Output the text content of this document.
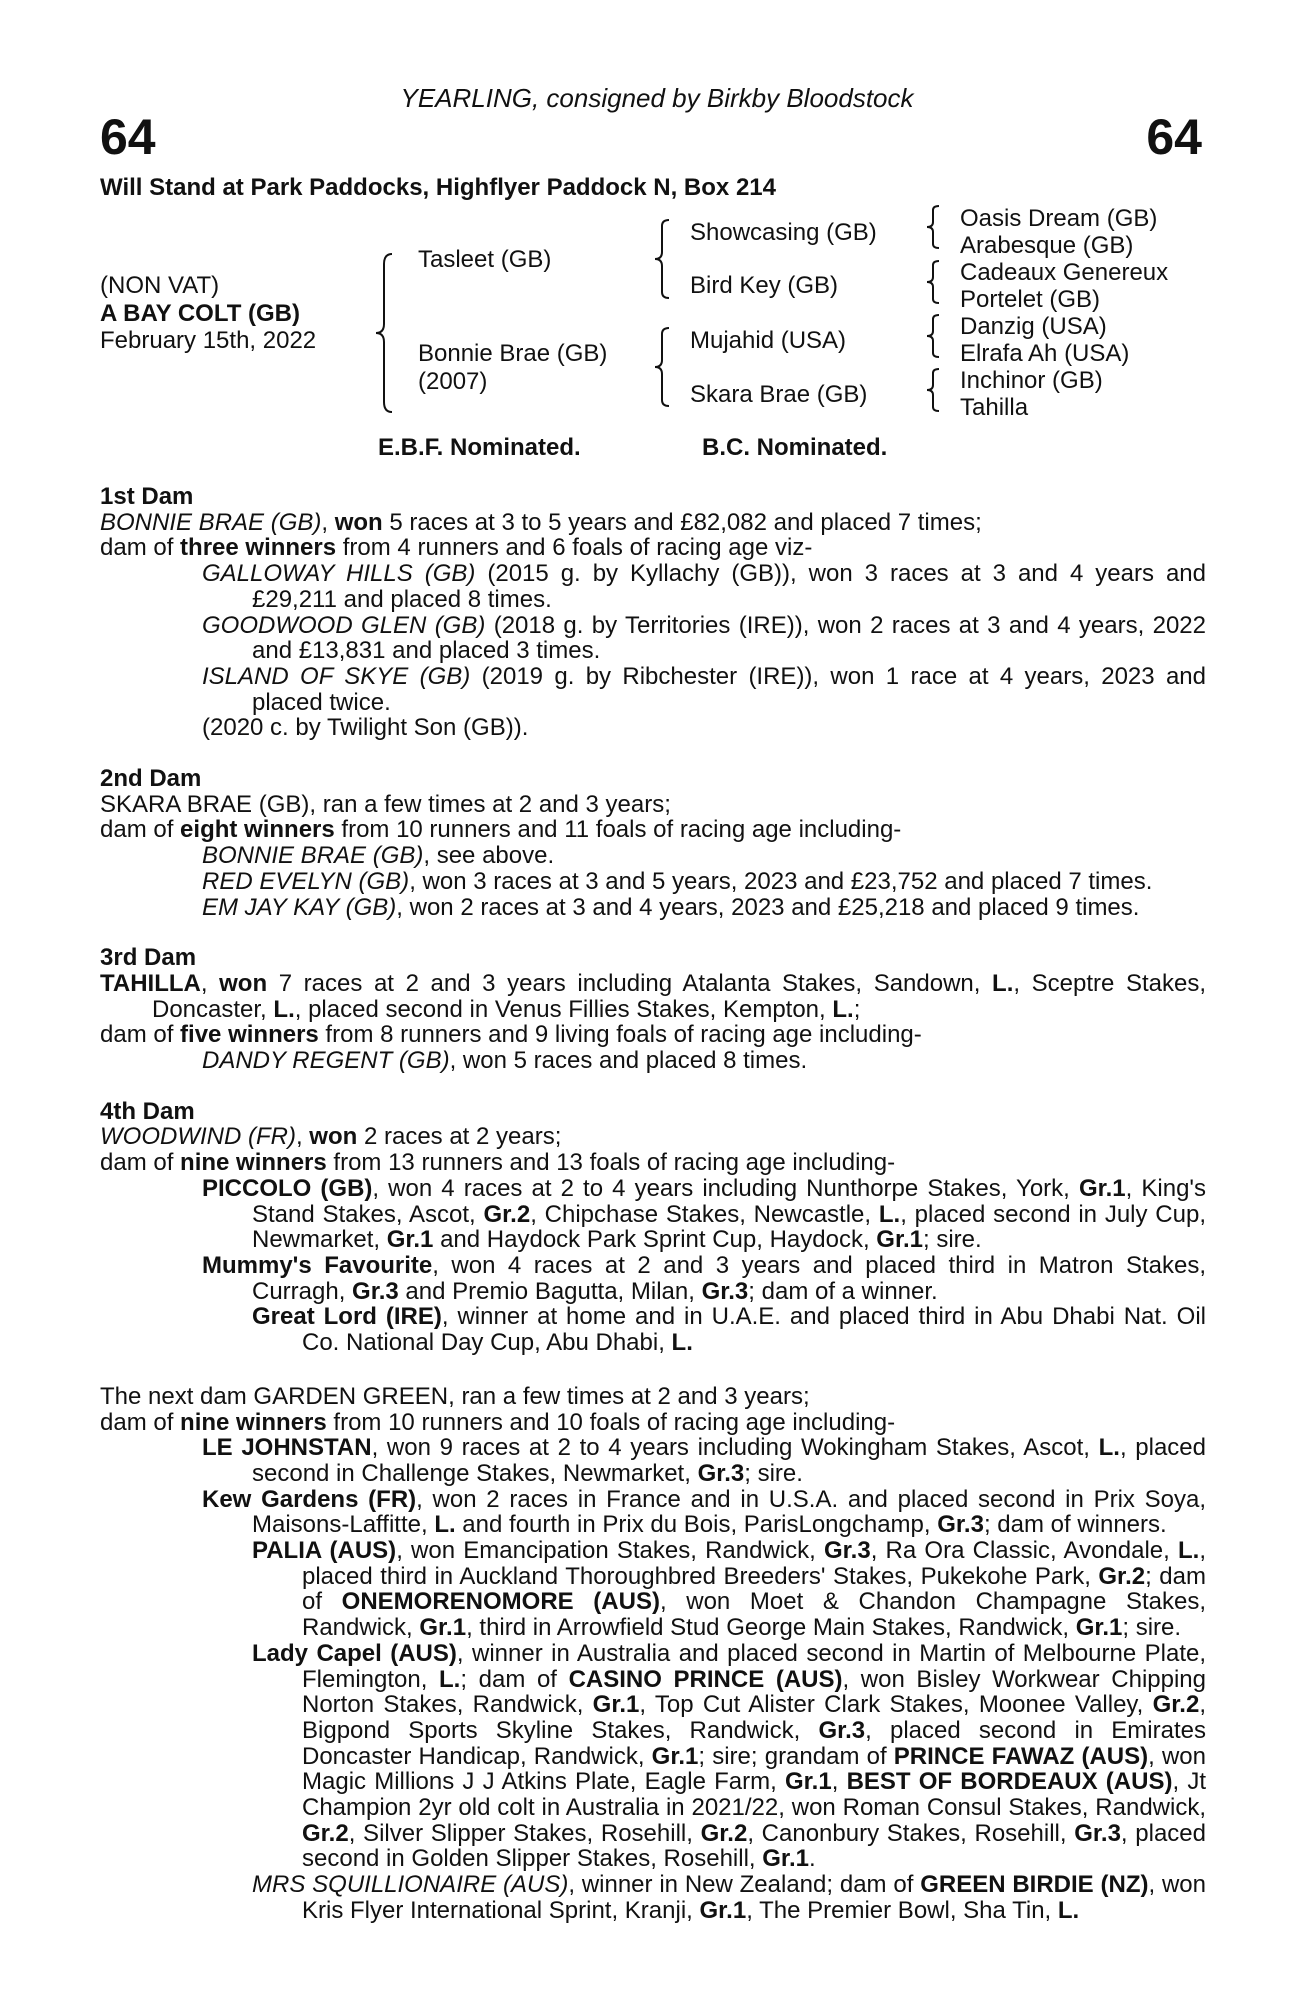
YEARLING, consigned by Birkby Bloodstock
64	64
Will Stand at Park Paddocks, Highflyer Paddock N, Box 214
(NON VAT)
A BAY COLT (GB)
February 15th, 2022
Tasleet (GB)
Bonnie Brae (GB)
(2007)
Showcasing (GB)
Bird Key (GB)
Mujahid (USA)
Skara Brae (GB)
Oasis Dream (GB)
Arabesque (GB)
Cadeaux Genereux
Portelet (GB)
Danzig (USA)
Elrafa Ah (USA)
Inchinor (GB)
Tahilla
E.B.F. Nominated.	B.C. Nominated.
1st Dam
BONNIE BRAE (GB), won 5 races at 3 to 5 years and £82,082 and placed 7 times;
dam of three winners from 4 runners and 6 foals of racing age viz-
GALLOWAY HILLS (GB) (2015 g. by Kyllachy (GB)), won 3 races at 3 and 4 years and £29,211 and placed 8 times.
GOODWOOD GLEN (GB) (2018 g. by Territories (IRE)), won 2 races at 3 and 4 years, 2022 and £13,831 and placed 3 times.
ISLAND OF SKYE (GB) (2019 g. by Ribchester (IRE)), won 1 race at 4 years, 2023 and placed twice.
(2020 c. by Twilight Son (GB)).
2nd Dam
SKARA BRAE (GB), ran a few times at 2 and 3 years;
dam of eight winners from 10 runners and 11 foals of racing age including-
BONNIE BRAE (GB), see above.
RED EVELYN (GB), won 3 races at 3 and 5 years, 2023 and £23,752 and placed 7 times.
EM JAY KAY (GB), won 2 races at 3 and 4 years, 2023 and £25,218 and placed 9 times.
3rd Dam
TAHILLA, won 7 races at 2 and 3 years including Atalanta Stakes, Sandown, L., Sceptre Stakes, Doncaster, L., placed second in Venus Fillies Stakes, Kempton, L.;
dam of five winners from 8 runners and 9 living foals of racing age including-
DANDY REGENT (GB), won 5 races and placed 8 times.
4th Dam
WOODWIND (FR), won 2 races at 2 years;
dam of nine winners from 13 runners and 13 foals of racing age including-
PICCOLO (GB), won 4 races at 2 to 4 years including Nunthorpe Stakes, York, Gr.1, King's Stand Stakes, Ascot, Gr.2, Chipchase Stakes, Newcastle, L., placed second in July Cup, Newmarket, Gr.1 and Haydock Park Sprint Cup, Haydock, Gr.1; sire.
Mummy's Favourite, won 4 races at 2 and 3 years and placed third in Matron Stakes, Curragh, Gr.3 and Premio Bagutta, Milan, Gr.3; dam of a winner.
Great Lord (IRE), winner at home and in U.A.E. and placed third in Abu Dhabi Nat. Oil Co. National Day Cup, Abu Dhabi, L.
The next dam GARDEN GREEN, ran a few times at 2 and 3 years;
dam of nine winners from 10 runners and 10 foals of racing age including-
LE JOHNSTAN, won 9 races at 2 to 4 years including Wokingham Stakes, Ascot, L., placed second in Challenge Stakes, Newmarket, Gr.3; sire.
Kew Gardens (FR), won 2 races in France and in U.S.A. and placed second in Prix Soya, Maisons-Laffitte, L. and fourth in Prix du Bois, ParisLongchamp, Gr.3; dam of winners.
PALIA (AUS), won Emancipation Stakes, Randwick, Gr.3, Ra Ora Classic, Avondale, L., placed third in Auckland Thoroughbred Breeders' Stakes, Pukekohe Park, Gr.2; dam of ONEMORENOMORE (AUS), won Moet & Chandon Champagne Stakes, Randwick, Gr.1, third in Arrowfield Stud George Main Stakes, Randwick, Gr.1; sire.
Lady Capel (AUS), winner in Australia and placed second in Martin of Melbourne Plate, Flemington, L.; dam of CASINO PRINCE (AUS), won Bisley Workwear Chipping Norton Stakes, Randwick, Gr.1, Top Cut Alister Clark Stakes, Moonee Valley, Gr.2, Bigpond Sports Skyline Stakes, Randwick, Gr.3, placed second in Emirates Doncaster Handicap, Randwick, Gr.1; sire; grandam of PRINCE FAWAZ (AUS), won Magic Millions J J Atkins Plate, Eagle Farm, Gr.1, BEST OF BORDEAUX (AUS), Jt Champion 2yr old colt in Australia in 2021/22, won Roman Consul Stakes, Randwick, Gr.2, Silver Slipper Stakes, Rosehill, Gr.2, Canonbury Stakes, Rosehill, Gr.3, placed second in Golden Slipper Stakes, Rosehill, Gr.1.
MRS SQUILLIONAIRE (AUS), winner in New Zealand; dam of GREEN BIRDIE (NZ), won Kris Flyer International Sprint, Kranji, Gr.1, The Premier Bowl, Sha Tin, L.
